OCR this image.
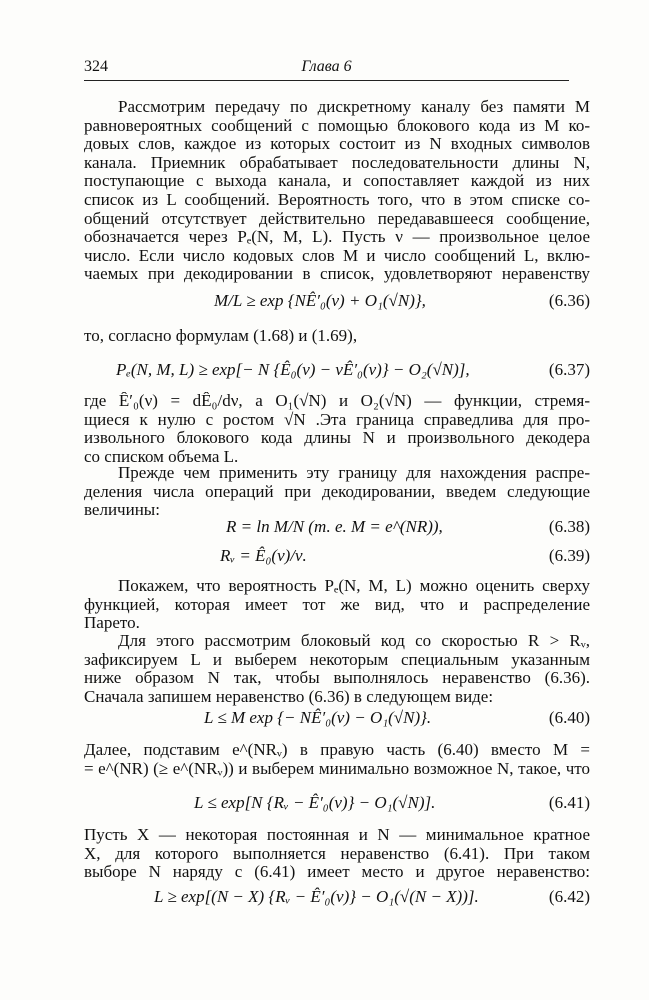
324	Глава 6
Рассмотрим передачу по дискретному каналу без памяти M
равновероятных сообщений с помощью блокового кода из M ко-
довых слов, каждое из которых состоит из N входных символов
канала. Приемник обрабатывает последовательности длины N,
поступающие с выхода канала, и сопоставляет каждой из них
список из L сообщений. Вероятность того, что в этом списке со-
общений отсутствует действительно передававшееся сообщение,
обозначается через Pₑ(N, M, L). Пусть ν — произвольное целое
число. Если число кодовых слов M и число сообщений L, вклю-
чаемых при декодировании в список, удовлетворяют неравенству
M/L ≥ exp {NÊ′₀(ν) + O₁(√N)},	(6.36)
то, согласно формулам (1.68) и (1.69),
Pₑ(N, M, L) ≥ exp[− N {Ê₀(ν) − νÊ′₀(ν)} − O₂(√N)],	(6.37)
где Ê′₀(ν) = dÊ₀/dν, а O₁(√N) и O₂(√N) — функции, стремя-
щиеся к нулю с ростом √N .Эта граница справедлива для про-
извольного блокового кода длины N и произвольного декодера
со списком объема L.
Прежде чем применить эту границу для нахождения распре-
деления числа операций при декодировании, введем следующие
величины:
R = ln M/N (т. е. M = e^(NR)),	(6.38)
Rᵥ = Ê₀(ν)/ν.	(6.39)
Покажем, что вероятность Pₑ(N, M, L) можно оценить сверху
функцией, которая имеет тот же вид, что и распределение
Парето.
Для этого рассмотрим блоковый код со скоростью R > Rᵥ,
зафиксируем L и выберем некоторым специальным указанным
ниже образом N так, чтобы выполнялось неравенство (6.36).
Сначала запишем неравенство (6.36) в следующем виде:
L ≤ M exp {− NÊ′₀(ν) − O₁(√N)}.	(6.40)
Далее, подставим e^(NRᵥ) в правую часть (6.40) вместо M =
= e^(NR) (≥ e^(NRᵥ)) и выберем минимально возможное N, такое, что
L ≤ exp[N {Rᵥ − Ê′₀(ν)} − O₁(√N)].	(6.41)
Пусть X — некоторая постоянная и N — минимальное кратное
X, для которого выполняется неравенство (6.41). При таком
выборе N наряду с (6.41) имеет место и другое неравенство:
L ≥ exp[(N − X) {Rᵥ − Ê′₀(ν)} − O₁(√(N − X))].	(6.42)
